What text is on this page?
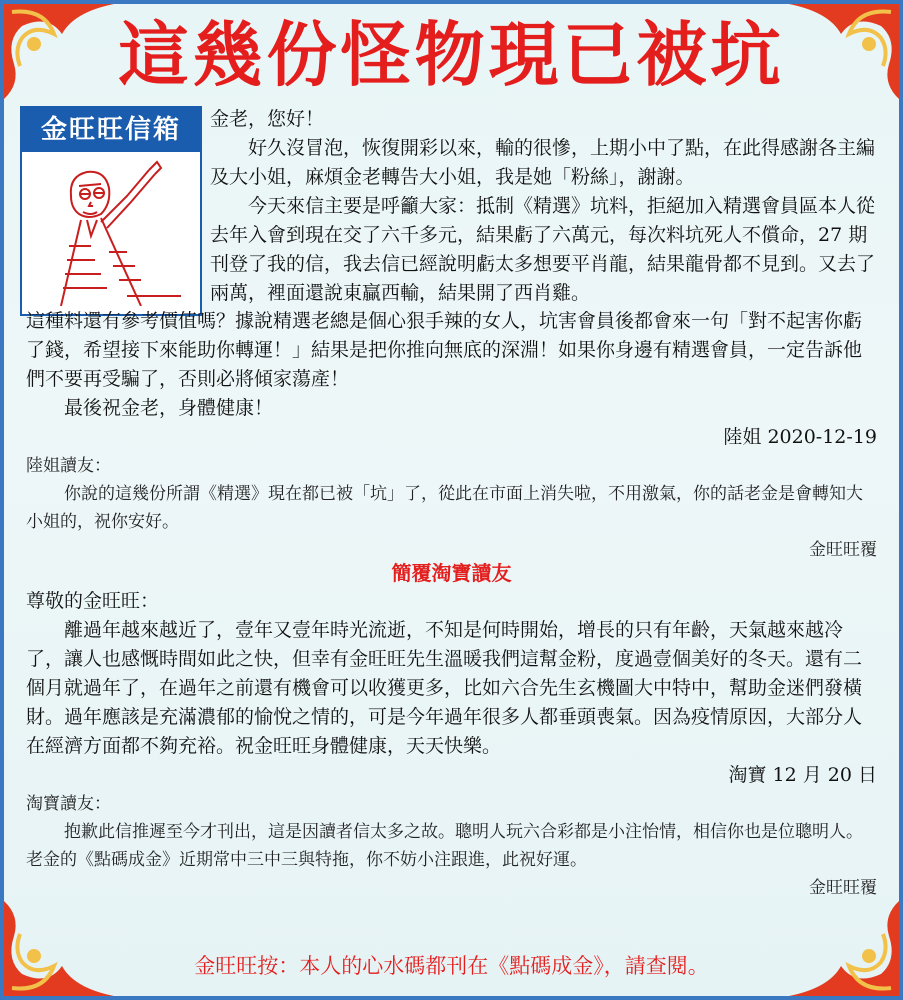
這幾份怪物現已被坑
金旺旺信箱	金老，您好！

好久沒冒泡，恢復開彩以來，輸的很慘，上期小中了點，在此得感謝各主編及大小姐，麻煩金老轉告大小姐，我是她「粉絲」，謝謝。

今天來信主要是呼籲大家：抵制《精選》坑料，拒絕加入精選會員區本人從去年入會到現在交了六千多元，結果虧了六萬元，每次料坑死人不償命，27 期刊登了我的信，我去信已經說明虧太多想要平肖龍，結果龍骨都不見到。又去了兩萬，裡面還說東贏西輸，結果開了西肖雞。

這種料還有參考價值嗎？據說精選老總是個心狠手辣的女人，坑害會員後都會來一句「對不起害你虧了錢，希望接下來能助你轉運！」結果是把你推向無底的深淵！如果你身邊有精選會員，一定告訴他們不要再受騙了，否則必將傾家蕩產！

最後祝金老，身體健康！

陸姐 2020-12-19

陸姐讀友：

你說的這幾份所謂《精選》現在都已被「坑」了，從此在市面上消失啦，不用激氣，你的話老金是會轉知大小姐的，祝你安好。

金旺旺覆

簡覆淘寶讀友

尊敬的金旺旺：

離過年越來越近了，壹年又壹年時光流逝，不知是何時開始，增長的只有年齡，天氣越來越冷了，讓人也感慨時間如此之快，但幸有金旺旺先生溫暖我們這幫金粉，度過壹個美好的冬天。還有二個月就過年了，在過年之前還有機會可以收獲更多，比如六合先生玄機圖大中特中，幫助金迷們發橫財。過年應該是充滿濃郁的愉悅之情的，可是今年過年很多人都垂頭喪氣。因為疫情原因，大部分人在經濟方面都不夠充裕。祝金旺旺身體健康，天天快樂。

淘寶 12 月 20 日

淘寶讀友：

抱歉此信推遲至今才刊出，這是因讀者信太多之故。聰明人玩六合彩都是小注怡情，相信你也是位聰明人。老金的《點碼成金》近期常中三中三與特拖，你不妨小注跟進，此祝好運。

金旺旺覆

金旺旺按：本人的心水碼都刊在《點碼成金》，請查閱。
